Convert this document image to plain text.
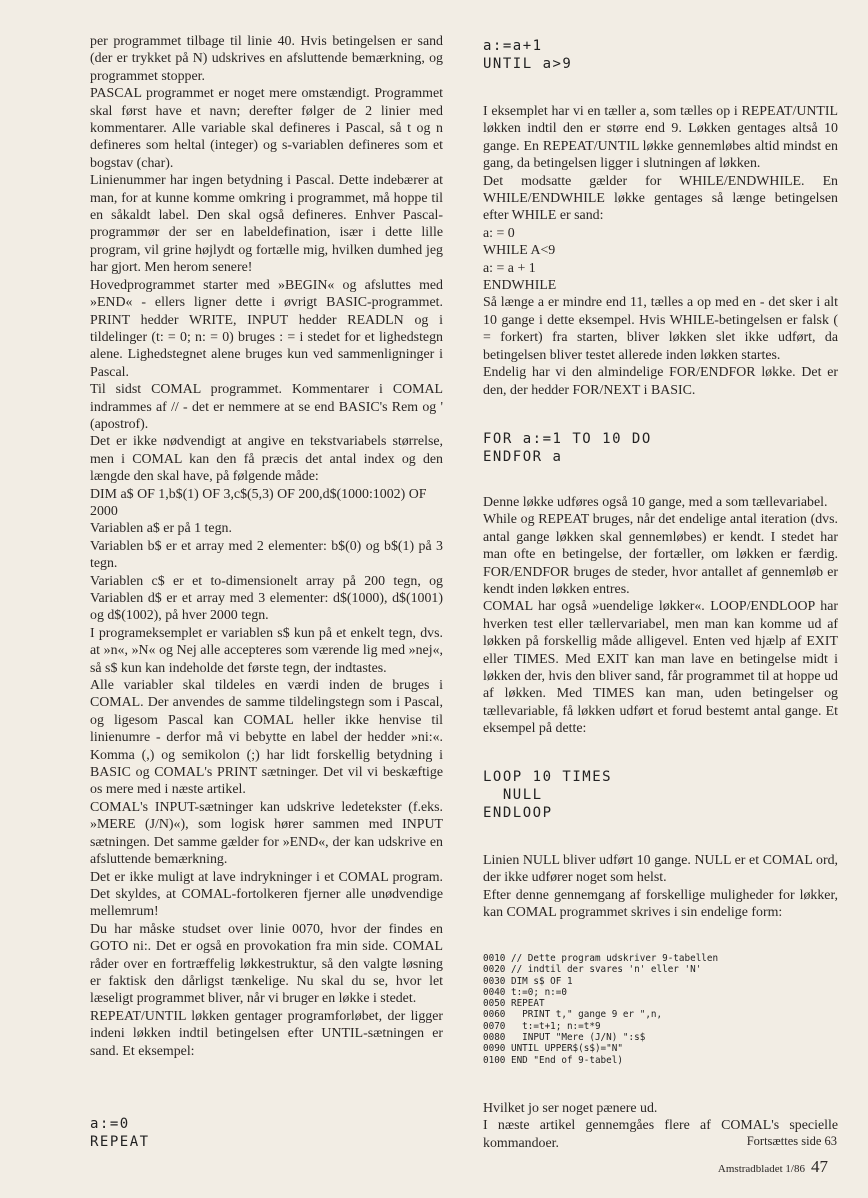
per programmet tilbage til linie 40. Hvis betingelsen er sand (der er trykket på N) udskrives en afsluttende bemærkning, og programmet stopper.

PASCAL programmet er noget mere omstændigt. Programmet skal først have et navn; derefter følger de 2 linier med kommentarer. Alle variable skal defineres i Pascal, så t og n defineres som heltal (integer) og s-variablen defineres som et bogstav (char).

Linienummer har ingen betydning i Pascal. Dette indebærer at man, for at kunne komme omkring i programmet, må hoppe til en såkaldt label. Den skal også defineres. Enhver Pascal-programmør der ser en labeldefination, især i dette lille program, vil grine højlydt og fortælle mig, hvilken dumhed jeg har gjort. Men herom senere!

Hovedprogrammet starter med »BEGIN« og afsluttes med »END« - ellers ligner dette i øvrigt BASIC-programmet. PRINT hedder WRITE, INPUT hedder READLN og i tildelinger (t: = 0; n: = 0) bruges : = i stedet for et lighedstegn alene. Lighedstegnet alene bruges kun ved sammenligninger i Pascal.

Til sidst COMAL programmet. Kommentarer i COMAL indrammes af // - det er nemmere at se end BASIC's Rem og ' (apostrof).

Det er ikke nødvendigt at angive en tekstvariabels størrelse, men i COMAL kan den få præcis det antal index og den længde den skal have, på følgende måde:

DIM a$ OF 1,b$(1) OF 3,c$(5,3) OF 200,d$(1000:1002) OF 2000

Variablen a$ er på 1 tegn.

Variablen b$ er et array med 2 elementer: b$(0) og b$(1) på 3 tegn.

Variablen c$ er et to-dimensionelt array på 200 tegn, og Variablen d$ er et array med 3 elementer: d$(1000), d$(1001) og d$(1002), på hver 2000 tegn.

I programeksemplet er variablen s$ kun på et enkelt tegn, dvs. at »n«, »N« og Nej alle accepteres som værende lig med »nej«, så s$ kun kan indeholde det første tegn, der indtastes.

Alle variabler skal tildeles en værdi inden de bruges i COMAL. Der anvendes de samme tildelingstegn som i Pascal, og ligesom Pascal kan COMAL heller ikke henvise til linienumre - derfor må vi bebytte en label der hedder »ni:«. Komma (,) og semikolon (;) har lidt forskellig betydning i BASIC og COMAL's PRINT sætninger. Det vil vi beskæftige os mere med i næste artikel.

COMAL's INPUT-sætninger kan udskrive ledetekster (f.eks. »MERE (J/N)«), som logisk hører sammen med INPUT sætningen. Det samme gælder for »END«, der kan udskrive en afsluttende bemærkning.

Det er ikke muligt at lave indrykninger i et COMAL program. Det skyldes, at COMAL-fortolkeren fjerner alle unødvendige mellemrum!

Du har måske studset over linie 0070, hvor der findes en GOTO ni:. Det er også en provokation fra min side. COMAL råder over en fortræffelig løkkestruktur, så den valgte løsning er faktisk den dårligst tænkelige. Nu skal du se, hvor let læseligt programmet bliver, når vi bruger en løkke i stedet.

REPEAT/UNTIL løkken gentager programforløbet, der ligger indeni løkken indtil betingelsen efter UNTIL-sætningen er sand. Et eksempel:

a:=0
REPEAT
a:=a+1
UNTIL a>9

I eksemplet har vi en tæller a, som tælles op i REPEAT/UNTIL løkken indtil den er større end 9. Løkken gentages altså 10 gange. En REPEAT/UNTIL løkke gennemløbes altid mindst en gang, da betingelsen ligger i slutningen af løkken.

Det modsatte gælder for WHILE/ENDWHILE. En WHILE/ENDWHILE løkke gentages så længe betingelsen efter WHILE er sand:

a: = 0

WHILE A<9

a: = a + 1

ENDWHILE

Så længe a er mindre end 11, tælles a op med en - det sker i alt 10 gange i dette eksempel. Hvis WHILE-betingelsen er falsk ( = forkert) fra starten, bliver løkken slet ikke udført, da betingelsen bliver testet allerede inden løkken startes.

Endelig har vi den almindelige FOR/ENDFOR løkke. Det er den, der hedder FOR/NEXT i BASIC.

FOR a:=1 TO 10 DO
ENDFOR a

Denne løkke udføres også 10 gange, med a som tællevariabel.

While og REPEAT bruges, når det endelige antal iteration (dvs. antal gange løkken skal gennemløbes) er kendt. I stedet har man ofte en betingelse, der fortæller, om løkken er færdig. FOR/ENDFOR bruges de steder, hvor antallet af gennemløb er kendt inden løkken entres.

COMAL har også »uendelige løkker«. LOOP/ENDLOOP har hverken test eller tællervariabel, men man kan komme ud af løkken på forskellig måde alligevel. Enten ved hjælp af EXIT eller TIMES. Med EXIT kan man lave en betingelse midt i løkken der, hvis den bliver sand, får programmet til at hoppe ud af løkken. Med TIMES kan man, uden betingelser og tællevariable, få løkken udført et forud bestemt antal gange. Et eksempel på dette:

LOOP 10 TIMES
NULL
ENDLOOP

Linien NULL bliver udført 10 gange. NULL er et COMAL ord, der ikke udfører noget som helst.

Efter denne gennemgang af forskellige muligheder for løkker, kan COMAL programmet skrives i sin endelige form:

0010 // Dette program udskriver 9-tabellen
0020 // indtil der svares 'n' eller 'N'
0030 DIM s$ OF 1
0040 t:=0; n:=0
0050 REPEAT
0060   PRINT t," gange 9 er ",n,
0070   t:=t+1; n:=t*9
0080   INPUT "Mere (J/N) ":s$
0090 UNTIL UPPER$(s$)="N"
0100 END "End of 9-tabel)

Hvilket jo ser noget pænere ud.

I næste artikel gennemgåes flere af COMAL's specielle kommandoer.	Fortsættes side 63

Amstradbladet 1/86 47
